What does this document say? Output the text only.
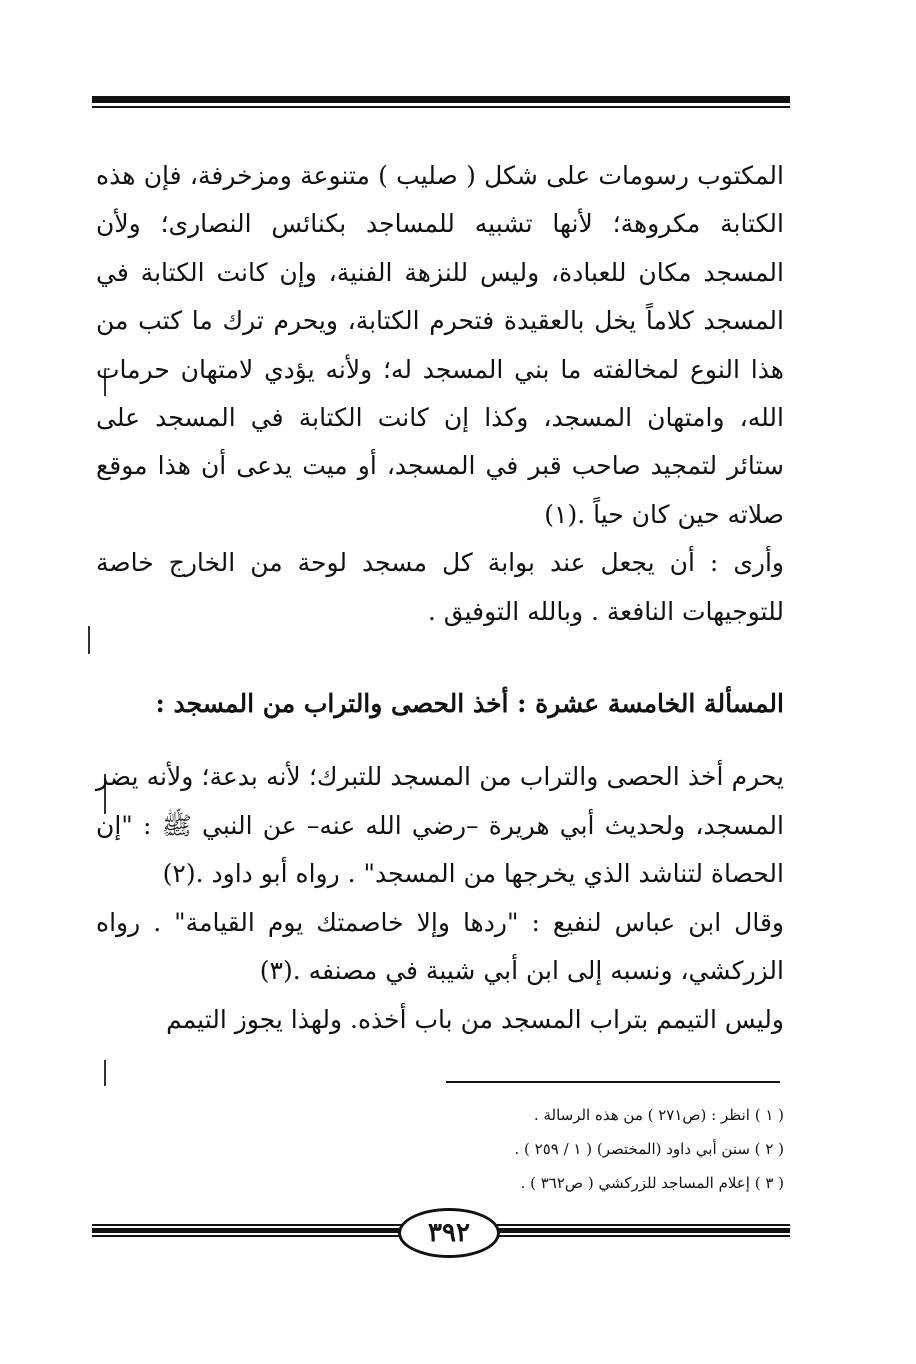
المكتوب رسومات على شكل ( صليب ) متنوعة ومزخرفة، فإن هذه الكتابة مكروهة؛ لأنها تشبيه للمساجد بكنائس النصارى؛ ولأن المسجد مكان للعبادة، وليس للنزهة الفنية، وإن كانت الكتابة في المسجد كلاماً يخل بالعقيدة فتحرم الكتابة، ويحرم ترك ما كتب من هذا النوع لمخالفته ما بني المسجد له؛ ولأنه يؤدي لامتهان حرمات الله، وامتهان المسجد، وكذا إن كانت الكتابة في المسجد على ستائر لتمجيد صاحب قبر في المسجد، أو ميت يدعى أن هذا موقع صلاته حين كان حياً .(١)

وأرى : أن يجعل عند بوابة كل مسجد لوحة من الخارج خاصة للتوجيهات النافعة . وبالله التوفيق .

المسألة الخامسة عشرة : أخذ الحصى والتراب من المسجد :

يحرم أخذ الحصى والتراب من المسجد للتبرك؛ لأنه بدعة؛ ولأنه يضر المسجد، ولحديث أبي هريرة –رضي الله عنه– عن النبي ﷺ : "إن الحصاة لتناشد الذي يخرجها من المسجد" . رواه أبو داود .(٢)

وقال ابن عباس لنفيع : "ردها وإلا خاصمتك يوم القيامة" . رواه الزركشي، ونسبه إلى ابن أبي شيبة في مصنفه .(٣)

وليس التيمم بتراب المسجد من باب أخذه. ولهذا يجوز التيمم

( ١ ) انظر : (ص٢٧١ ) من هذه الرسالة .

( ٢ ) سنن أبي داود (المختصر) ( ١ / ٢٥٩ ) .

( ٣ ) إعلام المساجد للزركشي ( ص٣٦٢ ) .

٣٩٢
